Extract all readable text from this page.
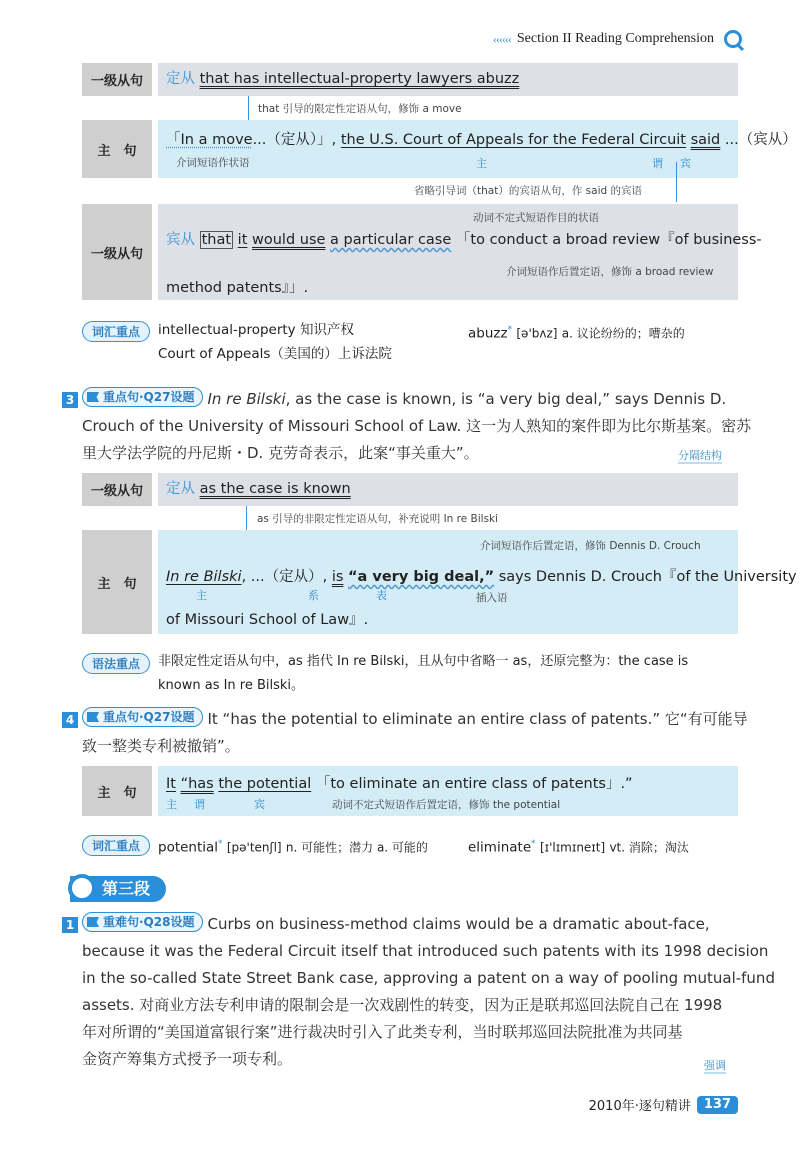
‹‹‹‹‹‹ Section II Reading Comprehension
一级从句	定从 that has intellectual-property lawyers abuzz
that 引导的限定性定语从句，修饰 a move
主　句
「In a move...（定从）」, the U.S. Court of Appeals for the Federal Circuit said ...（宾从）
介词短语作状语	主	谓 宾
省略引导词（that）的宾语从句，作 said 的宾语
一级从句
动词不定式短语作目的状语
宾从 that it would use a particular case 「to conduct a broad review『of business-
介词短语作后置定语，修饰 a broad review
method patents』」.
词汇重点	intellectual-property 知识产权
Court of Appeals（美国的）上诉法院
abuzz* [ə'bʌz] a. 议论纷纷的；嘈杂的
3 重点句·Q27设题 In re Bilski, as the case is known, is “a very big deal,” says Dennis D.
Crouch of the University of Missouri School of Law. 这一为人熟知的案件即为比尔斯基案。密苏
里大学法学院的丹尼斯・D. 克劳奇表示，此案“事关重大”。	分隔结构
一级从句	定从 as the case is known
as 引导的非限定性定语从句，补充说明 In re Bilski
主　句
介词短语作后置定语，修饰 Dennis D. Crouch
In re Bilski, ...（定从）, is “a very big deal,” says Dennis D. Crouch『of the University
主	系	表	插入语
of Missouri School of Law』.
语法重点	非限定性定语从句中，as 指代 In re Bilski，且从句中省略一 as，还原完整为：the case is
known as In re Bilski。
4 重点句·Q27设题 It “has the potential to eliminate an entire class of patents.” 它“有可能导
致一整类专利被撤销”。
主　句
It “has the potential 「to eliminate an entire class of patents」.”
主 谓	宾	动词不定式短语作后置定语，修饰 the potential
词汇重点	potential* [pə'tenʃl] n. 可能性；潜力 a. 可能的	eliminate* [ɪ'lɪmɪneɪt] vt. 消除；淘汰
第三段
1 重难句·Q28设题 Curbs on business-method claims would be a dramatic about-face,
because it was the Federal Circuit itself that introduced such patents with its 1998 decision
in the so-called State Street Bank case, approving a patent on a way of pooling mutual-fund
assets. 对商业方法专利申请的限制会是一次戏剧性的转变，因为正是联邦巡回法院自己在 1998
年对所谓的“美国道富银行案”进行裁决时引入了此类专利，当时联邦巡回法院批准为共同基
金资产筹集方式授予一项专利。	强调
2010年·逐句精讲	137
